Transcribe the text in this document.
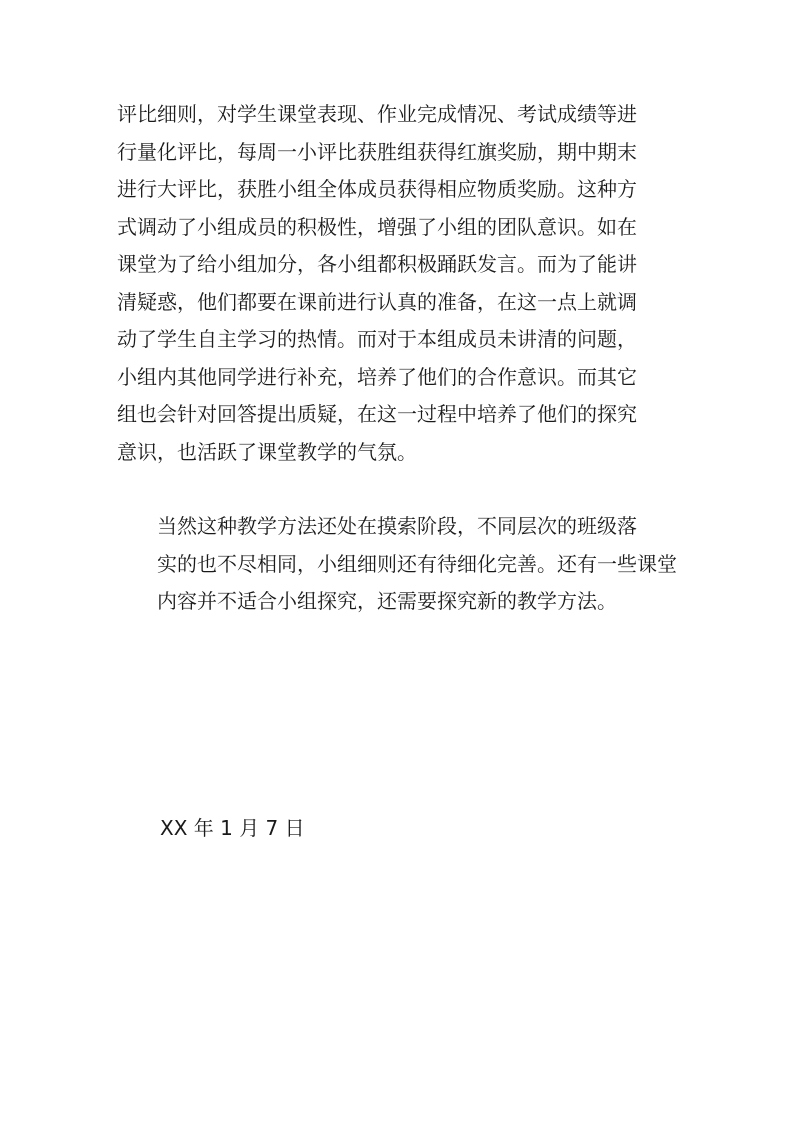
评比细则，对学生课堂表现、作业完成情况、考试成绩等进
行量化评比，每周一小评比获胜组获得红旗奖励，期中期末
进行大评比，获胜小组全体成员获得相应物质奖励。这种方
式调动了小组成员的积极性，增强了小组的团队意识。如在
课堂为了给小组加分，各小组都积极踊跃发言。而为了能讲
清疑惑，他们都要在课前进行认真的准备，在这一点上就调
动了学生自主学习的热情。而对于本组成员未讲清的问题，
小组内其他同学进行补充，培养了他们的合作意识。而其它
组也会针对回答提出质疑，在这一过程中培养了他们的探究
意识，也活跃了课堂教学的气氛。

当然这种教学方法还处在摸索阶段，不同层次的班级落
实的也不尽相同，小组细则还有待细化完善。还有一些课堂
内容并不适合小组探究，还需要探究新的教学方法。

XX 年 1 月 7 日
